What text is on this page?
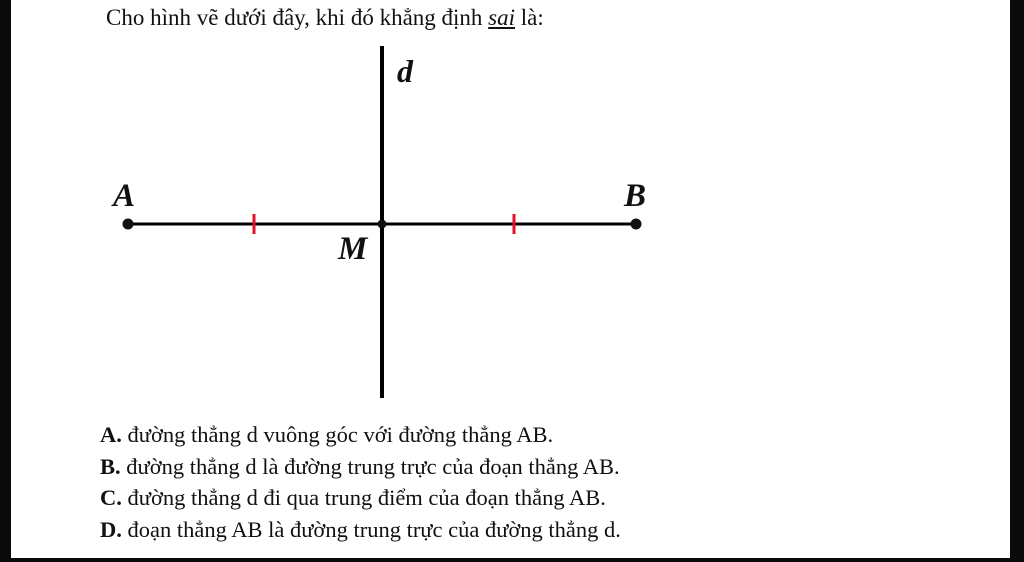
Cho hình vẽ dưới đây, khi đó khẳng định sai là:
d
A	B
M
A. đường thẳng d vuông góc với đường thẳng AB.
B. đường thẳng d là đường trung trực của đoạn thẳng AB.
C. đường thẳng d đi qua trung điểm của đoạn thẳng AB.
D. đoạn thẳng AB là đường trung trực của đường thẳng d.
